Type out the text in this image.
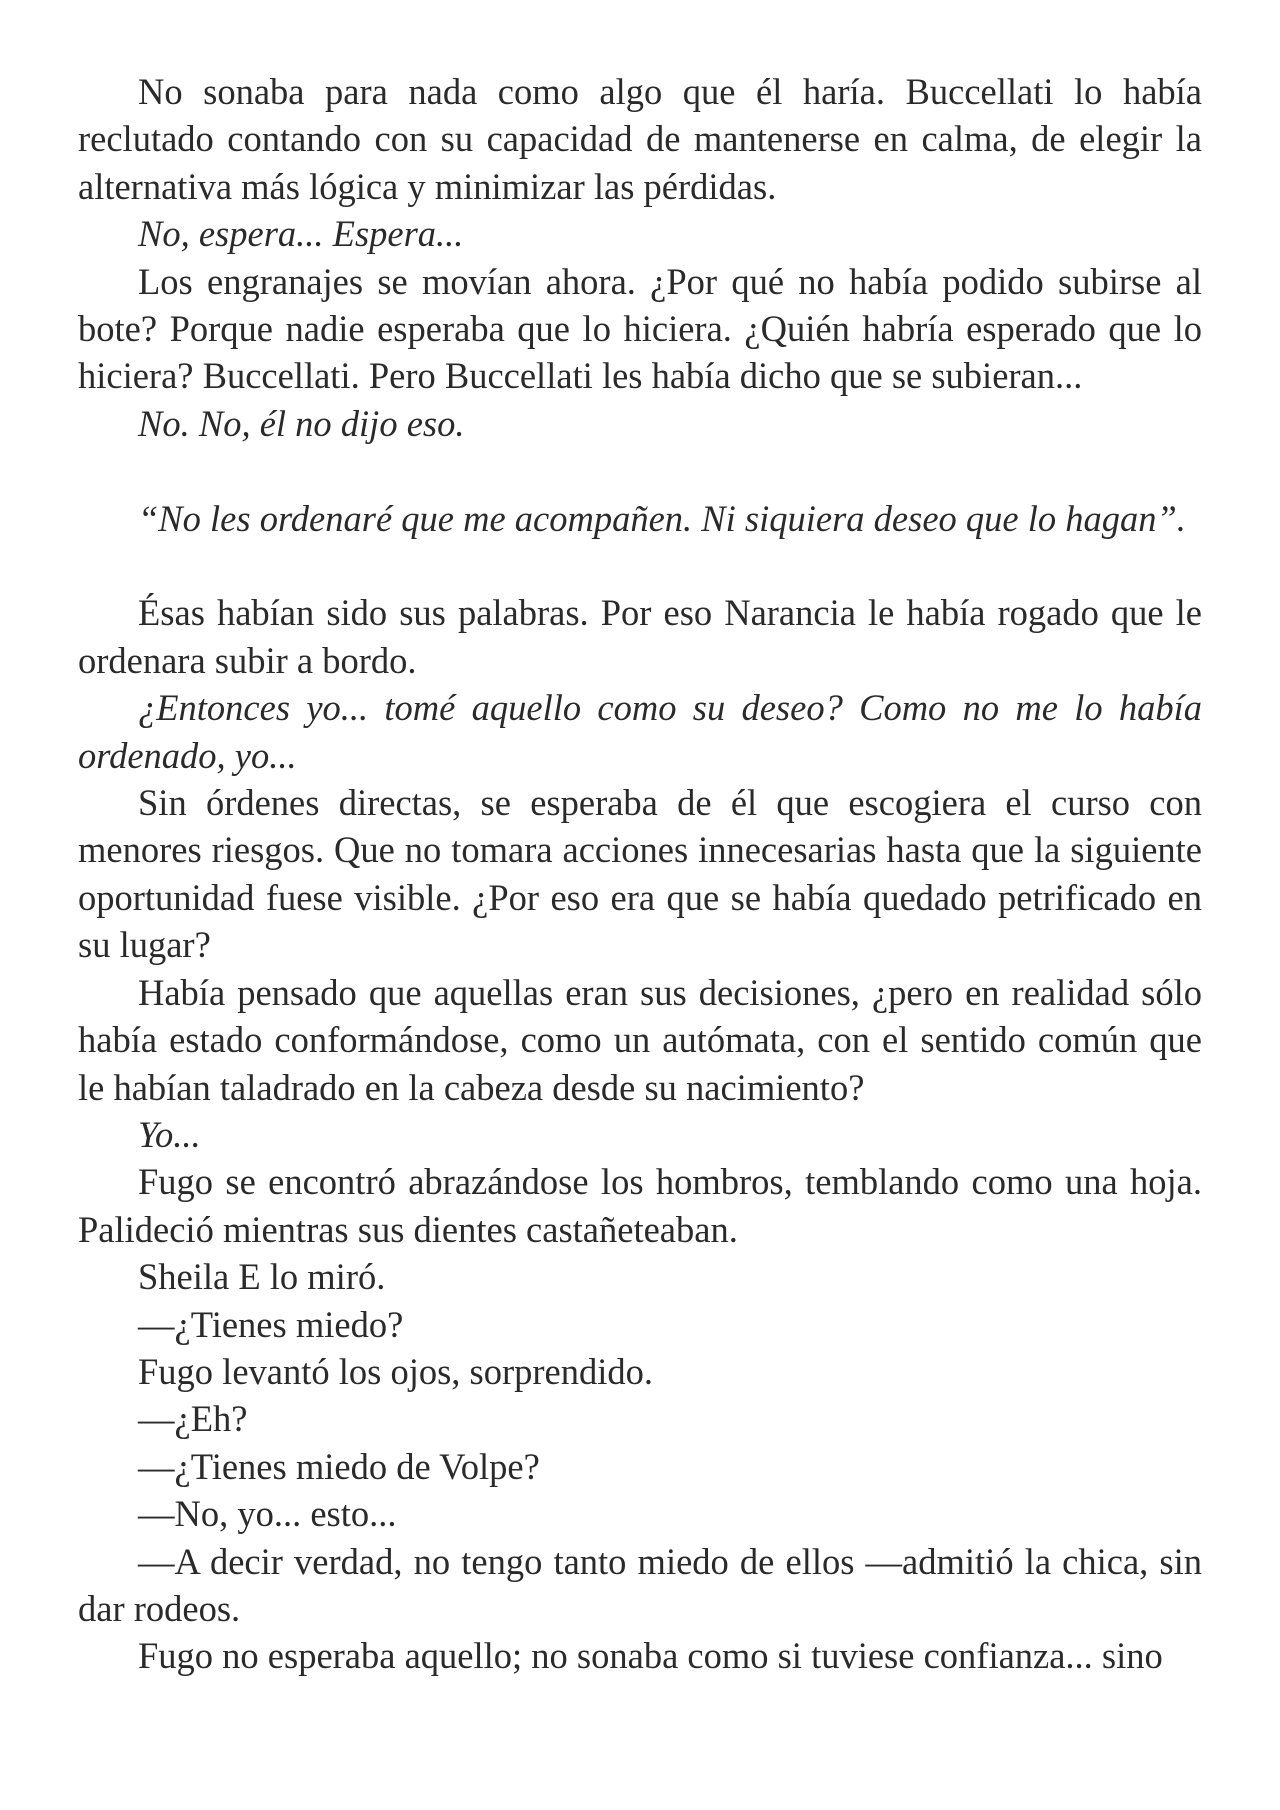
No sonaba para nada como algo que él haría. Buccellati lo había reclutado contando con su capacidad de mantenerse en calma, de elegir la alternativa más lógica y minimizar las pérdidas.

No, espera... Espera...

Los engranajes se movían ahora. ¿Por qué no había podido subirse al bote? Porque nadie esperaba que lo hiciera. ¿Quién habría esperado que lo hiciera? Buccellati. Pero Buccellati les había dicho que se subieran...

No. No, él no dijo eso.

“No les ordenaré que me acompañen. Ni siquiera deseo que lo hagan”.

Ésas habían sido sus palabras. Por eso Narancia le había rogado que le ordenara subir a bordo.

¿Entonces yo... tomé aquello como su deseo? Como no me lo había ordenado, yo...

Sin órdenes directas, se esperaba de él que escogiera el curso con menores riesgos. Que no tomara acciones innecesarias hasta que la siguiente oportunidad fuese visible. ¿Por eso era que se había quedado petrificado en su lugar?

Había pensado que aquellas eran sus decisiones, ¿pero en realidad sólo había estado conformándose, como un autómata, con el sentido común que le habían taladrado en la cabeza desde su nacimiento?

Yo...

Fugo se encontró abrazándose los hombros, temblando como una hoja. Palideció mientras sus dientes castañeteaban.

Sheila E lo miró.

—¿Tienes miedo?

Fugo levantó los ojos, sorprendido.

—¿Eh?

—¿Tienes miedo de Volpe?

—No, yo... esto...

—A decir verdad, no tengo tanto miedo de ellos —admitió la chica, sin dar rodeos.

Fugo no esperaba aquello; no sonaba como si tuviese confianza... sino
